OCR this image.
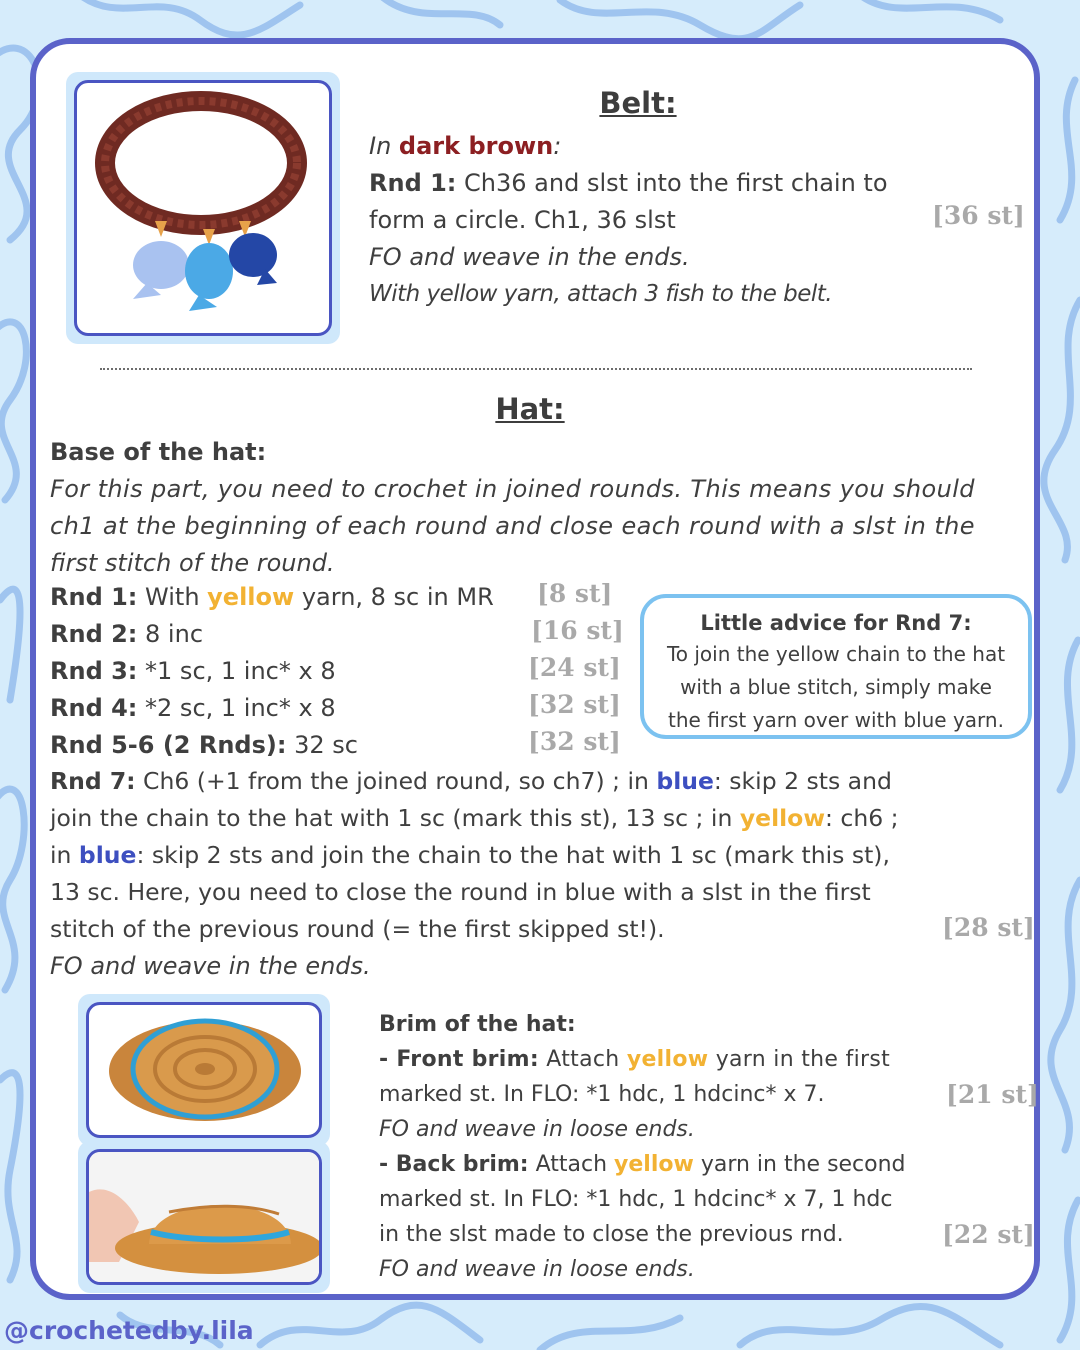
Belt:
In dark brown:
Rnd 1: Ch36 and slst into the first chain to
form a circle. Ch1, 36 slst	[36 st]
FO and weave in the ends.
With yellow yarn, attach 3 fish to the belt.
Hat:
Base of the hat:
For this part, you need to crochet in joined rounds. This means you should
ch1 at the beginning of each round and close each round with a slst in the
first stitch of the round.
Rnd 1: With yellow yarn, 8 sc in MR [8 st]
Rnd 2: 8 inc	[16 st]
Rnd 3: *1 sc, 1 inc* x 8	[24 st]
Rnd 4: *2 sc, 1 inc* x 8	[32 st]
Rnd 5-6 (2 Rnds): 32 sc	[32 st]
Little advice for Rnd 7:
To join the yellow chain to the hat
with a blue stitch, simply make
the first yarn over with blue yarn.
Rnd 7: Ch6 (+1 from the joined round, so ch7) ; in blue: skip 2 sts and
join the chain to the hat with 1 sc (mark this st), 13 sc ; in yellow: ch6 ;
in blue: skip 2 sts and join the chain to the hat with 1 sc (mark this st),
13 sc. Here, you need to close the round in blue with a slst in the first
stitch of the previous round (= the first skipped st!).	[28 st]
FO and weave in the ends.
Brim of the hat:
- Front brim: Attach yellow yarn in the first
marked st. In FLO: *1 hdc, 1 hdcinc* x 7.	[21 st]
FO and weave in loose ends.
- Back brim: Attach yellow yarn in the second
marked st. In FLO: *1 hdc, 1 hdcinc* x 7, 1 hdc
in the slst made to close the previous rnd.	[22 st]
FO and weave in loose ends.
@crochetedby.lila
